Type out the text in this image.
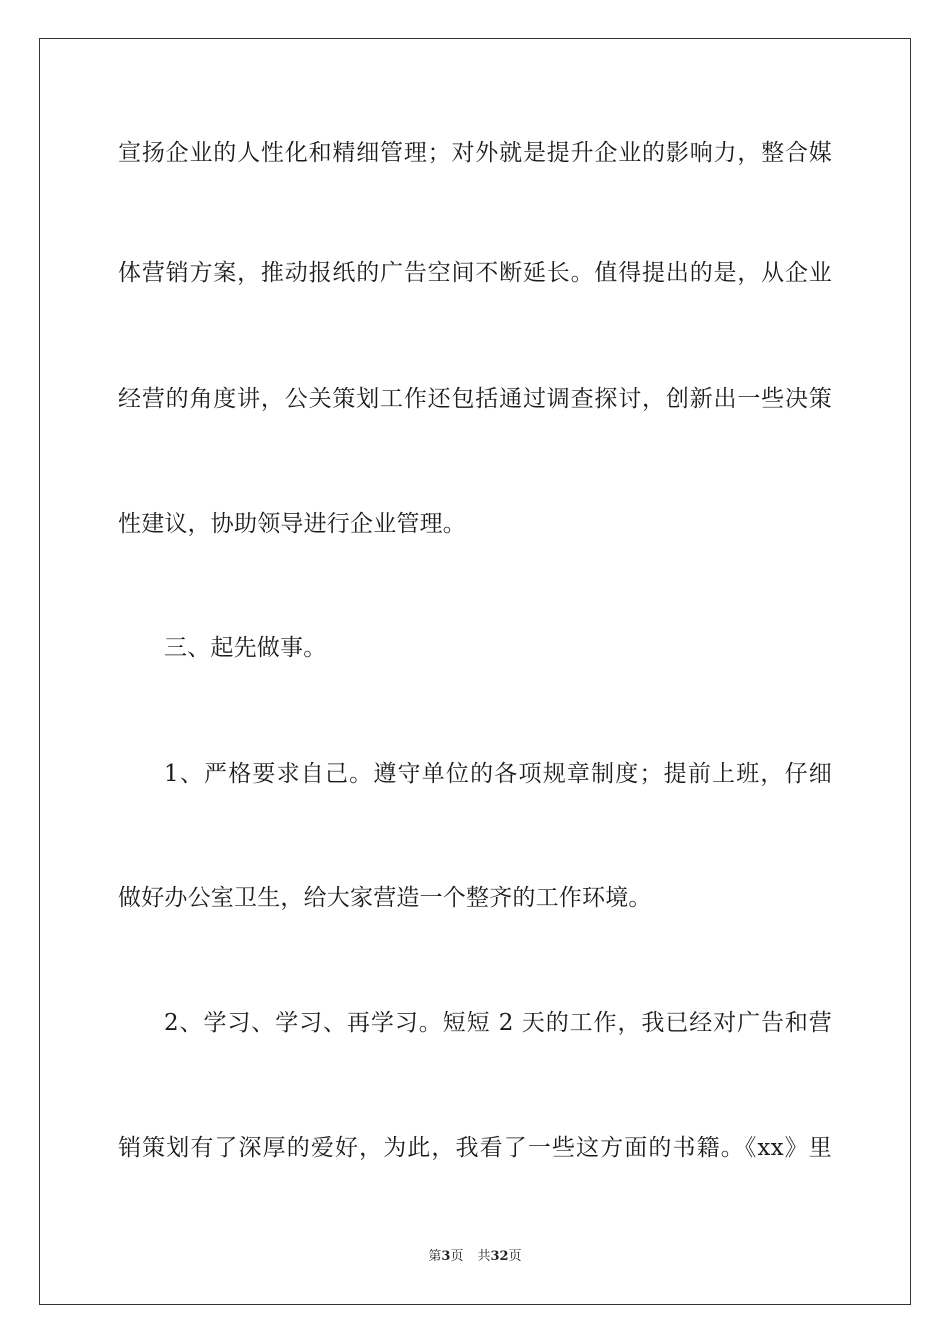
宣扬企业的人性化和精细管理；对外就是提升企业的影响力，整合媒
体营销方案，推动报纸的广告空间不断延长。值得提出的是，从企业
经营的角度讲，公关策划工作还包括通过调查探讨，创新出一些决策
性建议，协助领导进行企业管理。
三、起先做事。
1、严格要求自己。遵守单位的各项规章制度；提前上班，仔细
做好办公室卫生，给大家营造一个整齐的工作环境。
2、学习、学习、再学习。短短 2 天的工作，我已经对广告和营
销策划有了深厚的爱好，为此，我看了一些这方面的书籍。《xx》里
第3页 共32页
